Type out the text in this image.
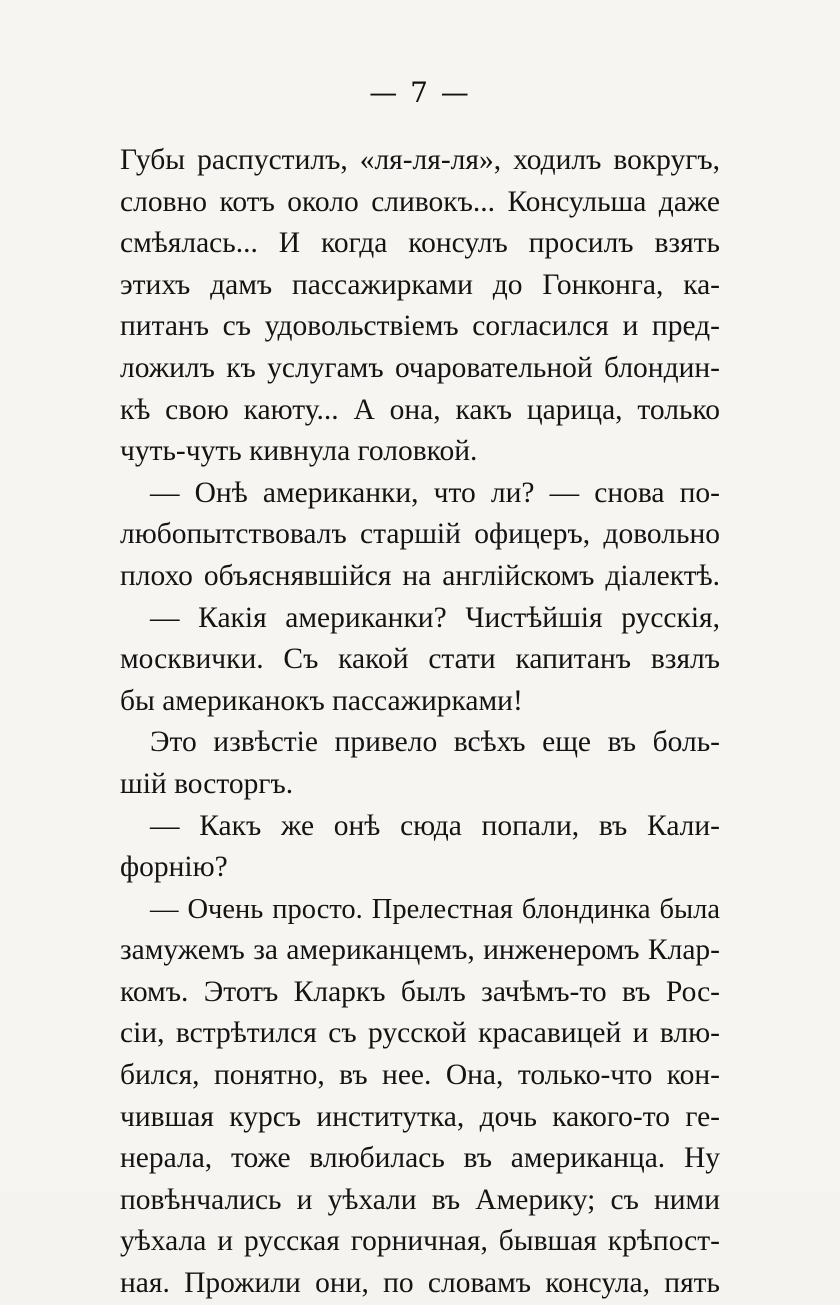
— 7 —
Губы распустилъ, «ля-ля-ля», ходилъ вокругъ,
словно котъ около сливокъ... Консульша даже
смѣялась... И когда консулъ просилъ взять
этихъ дамъ пассажирками до Гонконга, ка-
питанъ съ удовольствіемъ согласился и пред-
ложилъ къ услугамъ очаровательной блондин-
кѣ свою каюту... А она, какъ царица, только
чуть-чуть кивнула головкой.
— Онѣ американки, что ли? — снова по-
любопытствовалъ старшій офицеръ, довольно
плохо объяснявшійся на англійскомъ діалектѣ.
— Какія американки? Чистѣйшія русскія,
москвички. Съ какой стати капитанъ взялъ
бы американокъ пассажирками!
Это извѣстіе привело всѣхъ еще въ боль-
шій восторгъ.
— Какъ же онѣ сюда попали, въ Кали-
форнію?
— Очень просто. Прелестная блондинка была
замужемъ за американцемъ, инженеромъ Клар-
комъ. Этотъ Кларкъ былъ зачѣмъ-то въ Рос-
сіи, встрѣтился съ русской красавицей и влю-
бился, понятно, въ нее. Она, только-что кон-
чившая курсъ институтка, дочь какого-то ге-
нерала, тоже влюбилась въ американца. Ну
повѣнчались и уѣхали въ Америку; съ ними
уѣхала и русская горничная, бывшая крѣпост-
ная. Прожили они, по словамъ консула, пять
